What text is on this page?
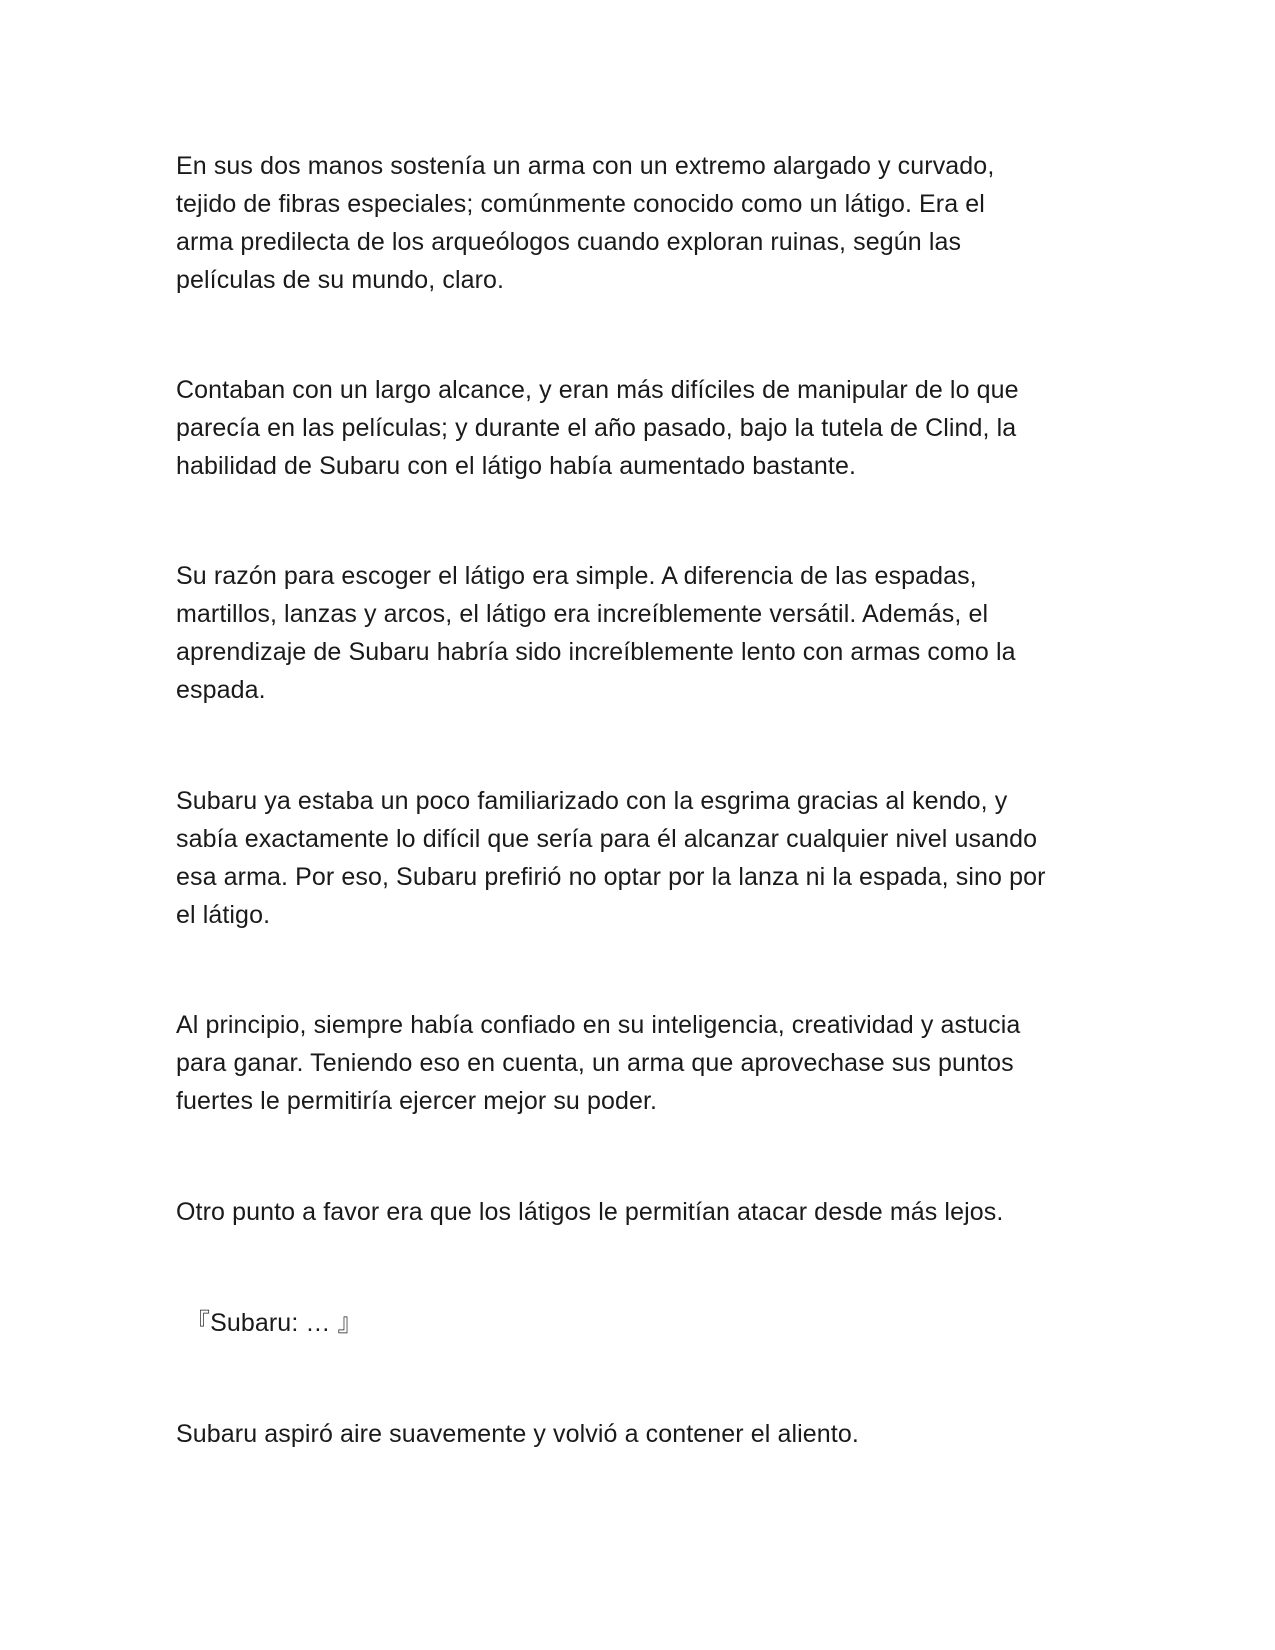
En sus dos manos sostenía un arma con un extremo alargado y curvado,
tejido de fibras especiales; comúnmente conocido como un látigo. Era el
arma predilecta de los arqueólogos cuando exploran ruinas, según las
películas de su mundo, claro.
Contaban con un largo alcance, y eran más difíciles de manipular de lo que
parecía en las películas; y durante el año pasado, bajo la tutela de Clind, la
habilidad de Subaru con el látigo había aumentado bastante.
Su razón para escoger el látigo era simple. A diferencia de las espadas,
martillos, lanzas y arcos, el látigo era increíblemente versátil. Además, el
aprendizaje de Subaru habría sido increíblemente lento con armas como la
espada.
Subaru ya estaba un poco familiarizado con la esgrima gracias al kendo, y
sabía exactamente lo difícil que sería para él alcanzar cualquier nivel usando
esa arma. Por eso, Subaru prefirió no optar por la lanza ni la espada, sino por
el látigo.
Al principio, siempre había confiado en su inteligencia, creatividad y astucia
para ganar. Teniendo eso en cuenta, un arma que aprovechase sus puntos
fuertes le permitiría ejercer mejor su poder.
Otro punto a favor era que los látigos le permitían atacar desde más lejos.
『Subaru: … 』
Subaru aspiró aire suavemente y volvió a contener el aliento.
